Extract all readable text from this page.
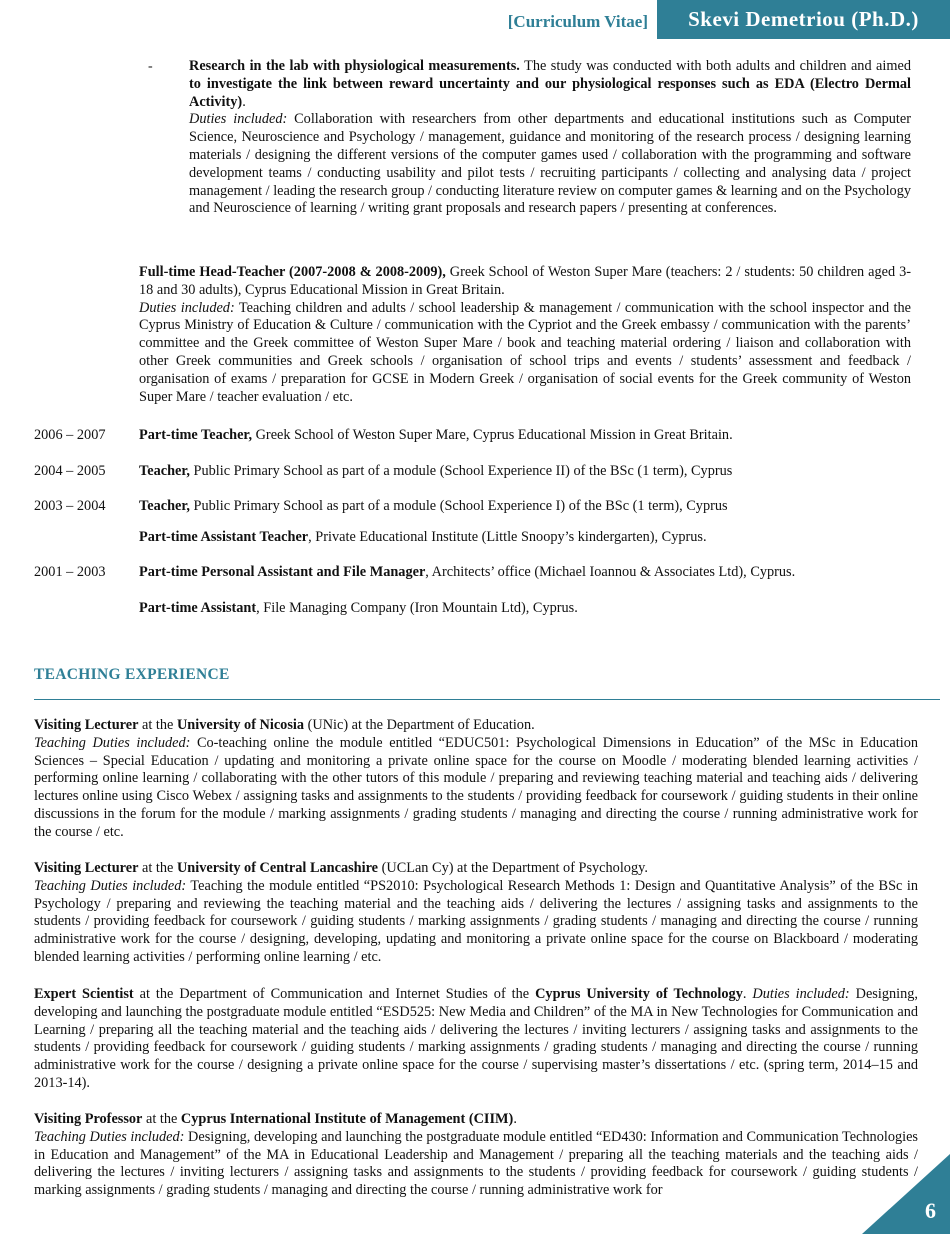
[Curriculum Vitae]	Skevi Demetriou (Ph.D.)
-	Research in the lab with physiological measurements. The study was conducted with both adults and children and aimed to investigate the link between reward uncertainty and our physiological responses such as EDA (Electro Dermal Activity).

Duties included: Collaboration with researchers from other departments and educational institutions such as Computer Science, Neuroscience and Psychology / management, guidance and monitoring of the research process / designing learning materials / designing the different versions of the computer games used / collaboration with the programming and software development teams / conducting usability and pilot tests / recruiting participants / collecting and analysing data / project management / leading the research group / conducting literature review on computer games & learning and on the Psychology and Neuroscience of learning / writing grant proposals and research papers / presenting at conferences.

Full-time Head-Teacher (2007-2008 & 2008-2009), Greek School of Weston Super Mare (teachers: 2 / students: 50 children aged 3-18 and 30 adults), Cyprus Educational Mission in Great Britain.

Duties included: Teaching children and adults / school leadership & management / communication with the school inspector and the Cyprus Ministry of Education & Culture / communication with the Cypriot and the Greek embassy / communication with the parents’ committee and the Greek committee of Weston Super Mare / book and teaching material ordering / liaison and collaboration with other Greek communities and Greek schools / organisation of school trips and events / students’ assessment and feedback / organisation of exams / preparation for GCSE in Modern Greek / organisation of social events for the Greek community of Weston Super Mare / teacher evaluation / etc.

2006 – 2007	Part-time Teacher, Greek School of Weston Super Mare, Cyprus Educational Mission in Great Britain.
2004 – 2005	Teacher, Public Primary School as part of a module (School Experience II) of the BSc (1 term), Cyprus
2003 – 2004	Teacher, Public Primary School as part of a module (School Experience I) of the BSc (1 term), Cyprus
Part-time Assistant Teacher, Private Educational Institute (Little Snoopy’s kindergarten), Cyprus.
2001 – 2003	Part-time Personal Assistant and File Manager, Architects’ office (Michael Ioannou & Associates Ltd), Cyprus.
Part-time Assistant, File Managing Company (Iron Mountain Ltd), Cyprus.
TEACHING EXPERIENCE

Visiting Lecturer at the University of Nicosia (UNic) at the Department of Education.

Teaching Duties included: Co-teaching online the module entitled “EDUC501: Psychological Dimensions in Education” of the MSc in Education Sciences – Special Education / updating and monitoring a private online space for the course on Moodle / moderating blended learning activities / performing online learning / collaborating with the other tutors of this module / preparing and reviewing teaching material and teaching aids / delivering lectures online using Cisco Webex / assigning tasks and assignments to the students / providing feedback for coursework / guiding students in their online discussions in the forum for the module / marking assignments / grading students / managing and directing the course / running administrative work for the course / etc.

Visiting Lecturer at the University of Central Lancashire (UCLan Cy) at the Department of Psychology.

Teaching Duties included: Teaching the module entitled “PS2010: Psychological Research Methods 1: Design and Quantitative Analysis” of the BSc in Psychology / preparing and reviewing the teaching material and the teaching aids / delivering the lectures / assigning tasks and assignments to the students / providing feedback for coursework / guiding students / marking assignments / grading students / managing and directing the course / running administrative work for the course / designing, developing, updating and monitoring a private online space for the course on Blackboard / moderating blended learning activities / performing online learning / etc.

Expert Scientist at the Department of Communication and Internet Studies of the Cyprus University of Technology. Duties included: Designing, developing and launching the postgraduate module entitled “ESD525: New Media and Children” of the MA in New Technologies for Communication and Learning / preparing all the teaching material and the teaching aids / delivering the lectures / inviting lecturers / assigning tasks and assignments to the students / providing feedback for coursework / guiding students / marking assignments / grading students / managing and directing the course / running administrative work for the course / designing a private online space for the course / supervising master’s dissertations / etc. (spring term, 2014–15 and 2013-14).

Visiting Professor at the Cyprus International Institute of Management (CIIM).

Teaching Duties included: Designing, developing and launching the postgraduate module entitled “ED430: Information and Communication Technologies in Education and Management” of the MA in Educational Leadership and Management / preparing all the teaching materials and the teaching aids / delivering the lectures / inviting lecturers / assigning tasks and assignments to the students / providing feedback for coursework / guiding students / marking assignments / grading students / managing and directing the course / running administrative work for

6
